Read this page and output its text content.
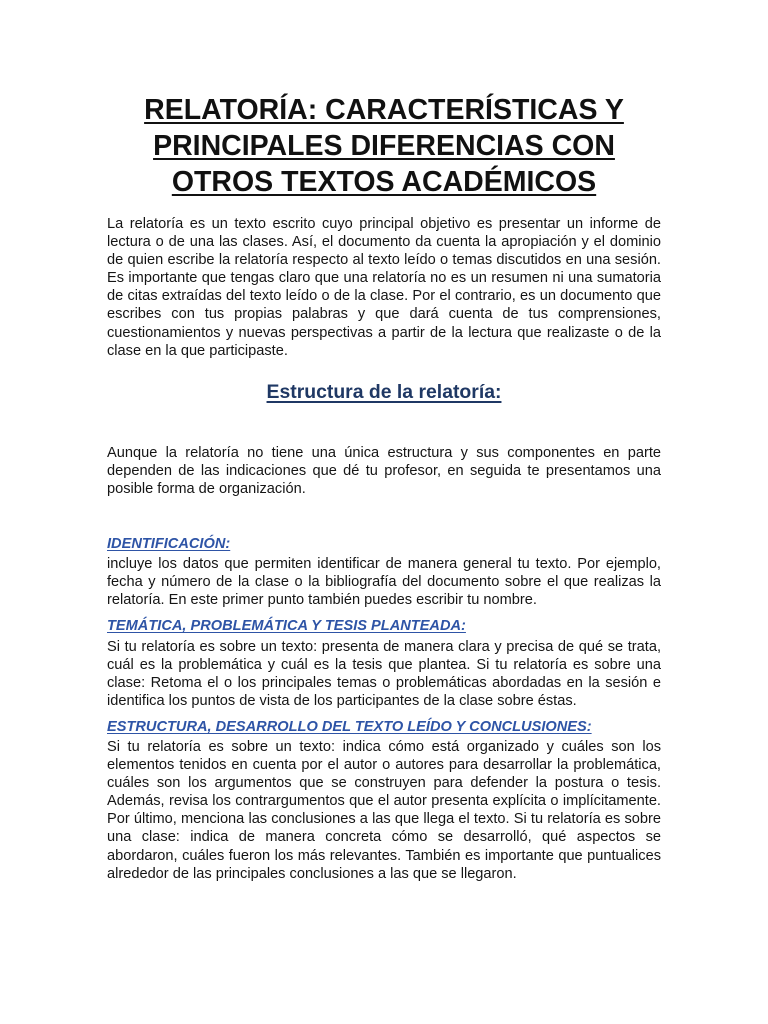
RELATORÍA: CARACTERÍSTICAS Y
PRINCIPALES DIFERENCIAS CON
OTROS TEXTOS ACADÉMICOS

La relatoría es un texto escrito cuyo principal objetivo es presentar un informe de lectura o de una las clases. Así, el documento da cuenta la apropiación y el dominio de quien escribe la relatoría respecto al texto leído o temas discutidos en una sesión. Es importante que tengas claro que una relatoría no es un resumen ni una sumatoria de citas extraídas del texto leído o de la clase. Por el contrario, es un documento que escribes con tus propias palabras y que dará cuenta de tus comprensiones, cuestionamientos y nuevas perspectivas a partir de la lectura que realizaste o de la clase en la que participaste.

Estructura de la relatoría:

Aunque la relatoría no tiene una única estructura y sus componentes en parte dependen de las indicaciones que dé tu profesor, en seguida te presentamos una posible forma de organización.

IDENTIFICACIÓN:

incluye los datos que permiten identificar de manera general tu texto. Por ejemplo, fecha y número de la clase o la bibliografía del documento sobre el que realizas la relatoría. En este primer punto también puedes escribir tu nombre.

TEMÁTICA, PROBLEMÁTICA Y TESIS PLANTEADA:

Si tu relatoría es sobre un texto: presenta de manera clara y precisa de qué se trata, cuál es la problemática y cuál es la tesis que plantea. Si tu relatoría es sobre una clase: Retoma el o los principales temas o problemáticas abordadas en la sesión e identifica los puntos de vista de los participantes de la clase sobre éstas.

ESTRUCTURA, DESARROLLO DEL TEXTO LEÍDO Y CONCLUSIONES:

Si tu relatoría es sobre un texto: indica cómo está organizado y cuáles son los elementos tenidos en cuenta por el autor o autores para desarrollar la problemática, cuáles son los argumentos que se construyen para defender la postura o tesis. Además, revisa los contrargumentos que el autor presenta explícita o implícitamente. Por último, menciona las conclusiones a las que llega el texto. Si tu relatoría es sobre una clase: indica de manera concreta cómo se desarrolló, qué aspectos se abordaron, cuáles fueron los más relevantes. También es importante que puntualices alrededor de las principales conclusiones a las que se llegaron.
